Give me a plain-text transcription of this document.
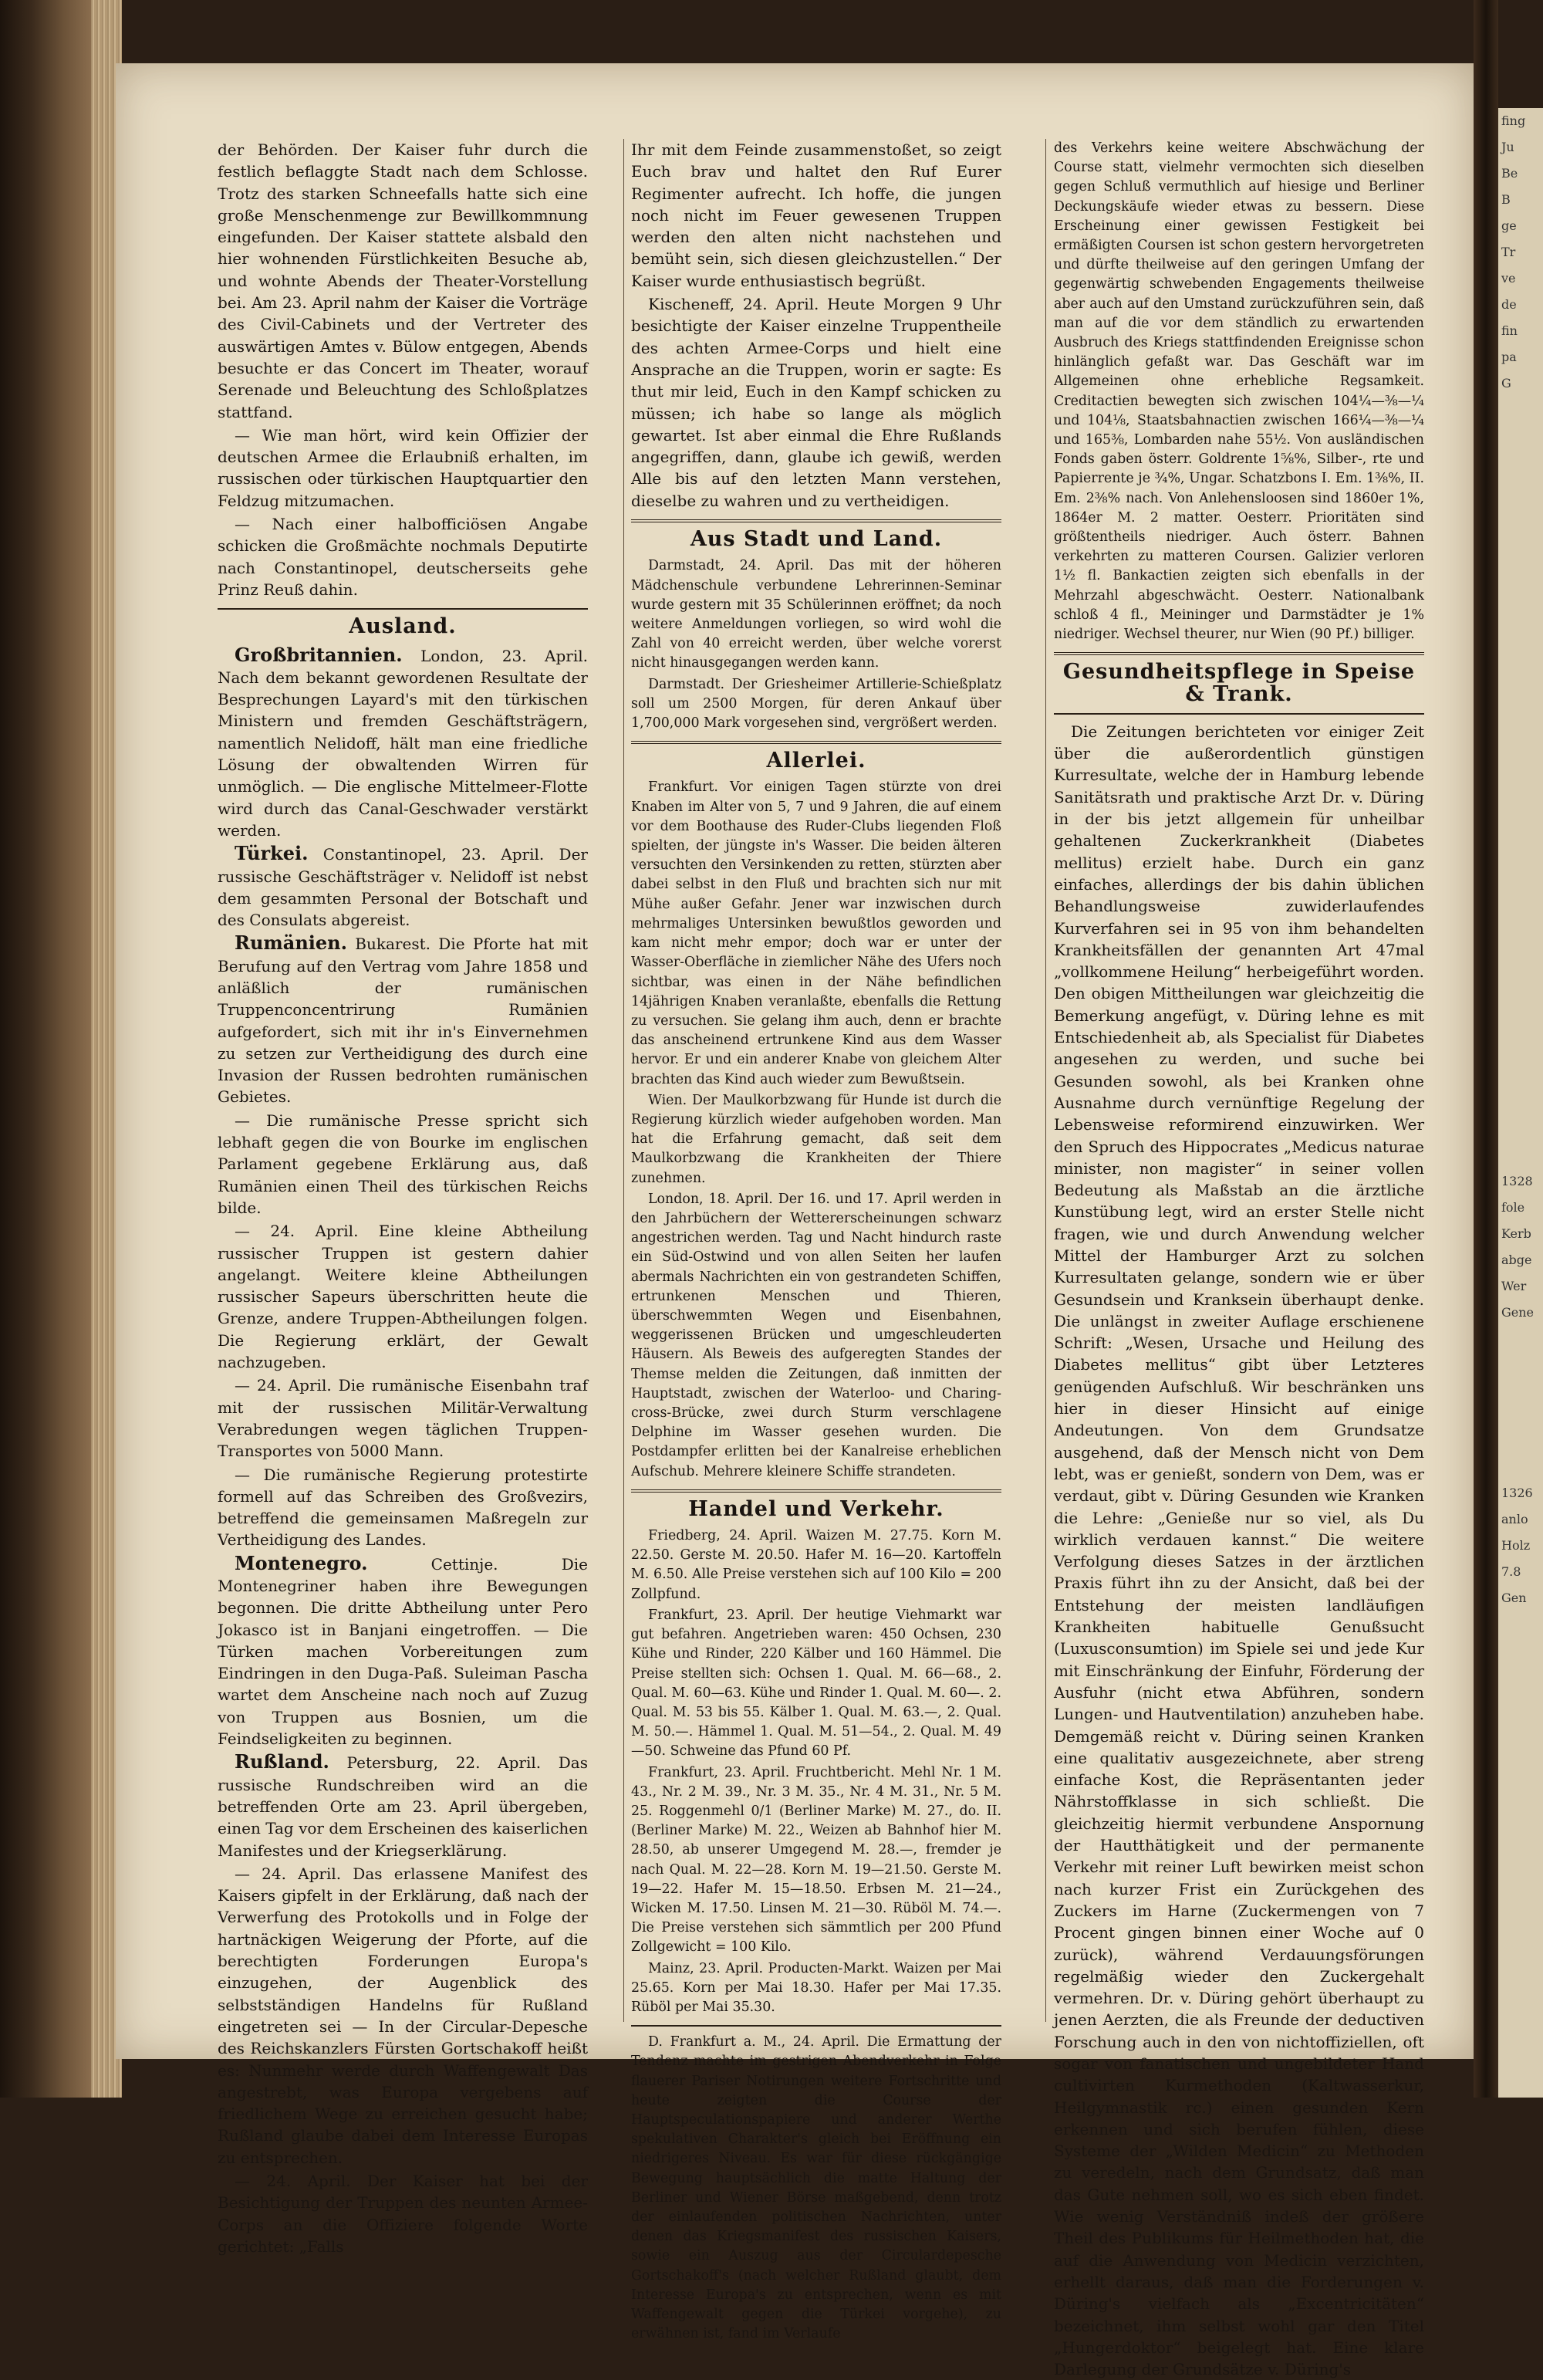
der Behörden. Der Kaiser fuhr durch die festlich beflaggte Stadt nach dem Schlosse. Trotz des starken Schneefalls hatte sich eine große Menschenmenge zur Bewillkommnung eingefunden. Der Kaiser stattete alsbald den hier wohnenden Fürstlichkeiten Besuche ab, und wohnte Abends der Theater-Vorstellung bei. Am 23. April nahm der Kaiser die Vorträge des Civil-Cabinets und der Vertreter des auswärtigen Amtes v. Bülow entgegen, Abends besuchte er das Concert im Theater, worauf Serenade und Beleuchtung des Schloßplatzes stattfand.

— Wie man hört, wird kein Offizier der deutschen Armee die Erlaubniß erhalten, im russischen oder türkischen Hauptquartier den Feldzug mitzumachen.

— Nach einer halbofficiösen Angabe schicken die Großmächte nochmals Deputirte nach Constantinopel, deutscherseits gehe Prinz Reuß dahin.

Ausland.

Großbritannien. London, 23. April. Nach dem bekannt gewordenen Resultate der Besprechungen Layard's mit den türkischen Ministern und fremden Geschäftsträgern, namentlich Nelidoff, hält man eine friedliche Lösung der obwaltenden Wirren für unmöglich. — Die englische Mittelmeer-Flotte wird durch das Canal-Geschwader verstärkt werden.

Türkei. Constantinopel, 23. April. Der russische Geschäftsträger v. Nelidoff ist nebst dem gesammten Personal der Botschaft und des Consulats abgereist.

Rumänien. Bukarest. Die Pforte hat mit Berufung auf den Vertrag vom Jahre 1858 und anläßlich der rumänischen Truppenconcentrirung Rumänien aufgefordert, sich mit ihr in's Einvernehmen zu setzen zur Vertheidigung des durch eine Invasion der Russen bedrohten rumänischen Gebietes.

— Die rumänische Presse spricht sich lebhaft gegen die von Bourke im englischen Parlament gegebene Erklärung aus, daß Rumänien einen Theil des türkischen Reichs bilde.

— 24. April. Eine kleine Abtheilung russischer Truppen ist gestern dahier angelangt. Weitere kleine Abtheilungen russischer Sapeurs überschritten heute die Grenze, andere Truppen-Abtheilungen folgen. Die Regierung erklärt, der Gewalt nachzugeben.

— 24. April. Die rumänische Eisenbahn traf mit der russischen Militär-Verwaltung Verabredungen wegen täglichen Truppen-Transportes von 5000 Mann.

— Die rumänische Regierung protestirte formell auf das Schreiben des Großvezirs, betreffend die gemeinsamen Maßregeln zur Vertheidigung des Landes.

Montenegro.	Cettinje. Die Montenegriner haben ihre Bewegungen begonnen. Die dritte Abtheilung unter Pero Jokasco ist in Banjani eingetroffen. — Die Türken machen Vorbereitungen zum Eindringen in den Duga-Paß. Suleiman Pascha wartet dem Anscheine nach noch auf Zuzug von Truppen aus Bosnien, um die Feindseligkeiten zu beginnen.

Rußland. Petersburg, 22. April. Das russische Rundschreiben wird an die betreffenden Orte am 23. April übergeben, einen Tag vor dem Erscheinen des kaiserlichen Manifestes und der Kriegserklärung.

— 24. April. Das erlassene Manifest des Kaisers gipfelt in der Erklärung, daß nach der Verwerfung des Protokolls und in Folge der hartnäckigen Weigerung der Pforte, auf die berechtigten Forderungen Europa's einzugehen, der Augenblick des selbstständigen Handelns für Rußland eingetreten sei — In der Circular-Depesche des Reichskanzlers Fürsten Gortschakoff heißt es: Nunmehr werde durch Waffengewalt Das angestrebt, was Europa vergebens auf friedlichem Wege zu erreichen gesucht habe; Rußland glaube dabei dem Interesse Europas zu entsprechen.

— 24. April. Der Kaiser hat bei der Besichtigung der Truppen des neunten Armee-Corps an die Offiziere folgende Worte gerichtet: „Falls

Ihr mit dem Feinde zusammenstoßet, so zeigt Euch brav und haltet den Ruf Eurer Regimenter aufrecht. Ich hoffe, die jungen noch nicht im Feuer gewesenen Truppen werden den alten nicht nachstehen und bemüht sein, sich diesen gleichzustellen.“ Der Kaiser wurde enthusiastisch begrüßt.

Kischeneff, 24. April. Heute Morgen 9 Uhr besichtigte der Kaiser einzelne Truppentheile des achten Armee-Corps und hielt eine Ansprache an die Truppen, worin er sagte: Es thut mir leid, Euch in den Kampf schicken zu müssen; ich habe so lange als möglich gewartet. Ist aber einmal die Ehre Rußlands angegriffen, dann, glaube ich gewiß, werden Alle bis auf den letzten Mann verstehen, dieselbe zu wahren und zu vertheidigen.

Aus Stadt und Land.

Darmstadt, 24. April. Das mit der höheren Mädchenschule verbundene Lehrerinnen-Seminar wurde gestern mit 35 Schülerinnen eröffnet; da noch weitere Anmeldungen vorliegen, so wird wohl die Zahl von 40 erreicht werden, über welche vorerst nicht hinausgegangen werden kann.

Darmstadt. Der Griesheimer Artillerie-Schießplatz soll um 2500 Morgen, für deren Ankauf über 1,700,000 Mark vorgesehen sind, vergrößert werden.

Allerlei.

Frankfurt. Vor einigen Tagen stürzte von drei Knaben im Alter von 5, 7 und 9 Jahren, die auf einem vor dem Boothause des Ruder-Clubs liegenden Floß spielten, der jüngste in's Wasser. Die beiden älteren versuchten den Versinkenden zu retten, stürzten aber dabei selbst in den Fluß und brachten sich nur mit Mühe außer Gefahr. Jener war inzwischen durch mehrmaliges Untersinken bewußtlos geworden und kam nicht mehr empor; doch war er unter der Wasser-Oberfläche in ziemlicher Nähe des Ufers noch sichtbar, was einen in der Nähe befindlichen 14jährigen Knaben veranlaßte, ebenfalls die Rettung zu versuchen. Sie gelang ihm auch, denn er brachte das anscheinend ertrunkene Kind aus dem Wasser hervor. Er und ein anderer Knabe von gleichem Alter brachten das Kind auch wieder zum Bewußtsein.

Wien. Der Maulkorbzwang für Hunde ist durch die Regierung kürzlich wieder aufgehoben worden. Man hat die Erfahrung gemacht, daß seit dem Maulkorbzwang die Krankheiten der Thiere zunehmen.

London, 18. April. Der 16. und 17. April werden in den Jahrbüchern der Wettererscheinungen schwarz angestrichen werden. Tag und Nacht hindurch raste ein Süd-Ostwind und von allen Seiten her laufen abermals Nachrichten ein von gestrandeten Schiffen, ertrunkenen Menschen und Thieren, überschwemmten Wegen und Eisenbahnen, weggerissenen Brücken und umgeschleuderten Häusern. Als Beweis des aufgeregten Standes der Themse melden die Zeitungen, daß inmitten der Hauptstadt, zwischen der Waterloo- und Charing-cross-Brücke, zwei durch Sturm verschlagene Delphine im Wasser gesehen wurden. Die Postdampfer erlitten bei der Kanalreise erheblichen Aufschub. Mehrere kleinere Schiffe strandeten.

Handel und Verkehr.

Friedberg, 24. April. Waizen M. 27.75. Korn M. 22.50. Gerste M. 20.50. Hafer M. 16—20. Kartoffeln M. 6.50. Alle Preise verstehen sich auf 100 Kilo = 200 Zollpfund.

Frankfurt, 23. April. Der heutige Viehmarkt war gut befahren. Angetrieben waren: 450 Ochsen, 230 Kühe und Rinder, 220 Kälber und 160 Hämmel. Die Preise stellten sich: Ochsen 1. Qual. M. 66—68., 2. Qual. M. 60—63. Kühe und Rinder 1. Qual. M. 60—. 2. Qual. M. 53 bis 55. Kälber 1. Qual. M. 63.—, 2. Qual. M. 50.—. Hämmel 1. Qual. M. 51—54., 2. Qual. M. 49—50. Schweine das Pfund 60 Pf.

Frankfurt, 23. April. Fruchtbericht. Mehl Nr. 1 M. 43., Nr. 2 M. 39., Nr. 3 M. 35., Nr. 4 M. 31., Nr. 5 M. 25. Roggenmehl 0/1 (Berliner Marke) M. 27., do. II. (Berliner Marke) M. 22., Weizen ab Bahnhof hier M. 28.50, ab unserer Umgegend M. 28.—, fremder je nach Qual. M. 22—28. Korn M. 19—21.50. Gerste M. 19—22. Hafer M. 15—18.50. Erbsen M. 21—24., Wicken M. 17.50. Linsen M. 21—30. Rüböl M. 74.—. Die Preise verstehen sich sämmtlich per 200 Pfund Zollgewicht = 100 Kilo.

Mainz, 23. April. Producten-Markt. Waizen per Mai 25.65. Korn per Mai 18.30. Hafer per Mai 17.35. Rüböl per Mai 35.30.

D. Frankfurt a. M., 24. April. Die Ermattung der Tendenz machte im gestrigen Abendverkehr in Folge flauerer Pariser Notirungen weitere Fortschritte und heute zeigten die Course der Hauptspeculationspapiere und anderer Werthe spekulativen Charakter's gleich bei Eröffnung ein niedrigeres Niveau. Es war für diese rückgängige Bewegung hauptsächlich die matte Haltung der Berliner und Wiener Börse maßgebend, denn trotz der einlaufenden politischen Nachrichten, unter denen das Kriegsmanifest des russischen Kaisers, sowie ein Auszug aus der Circulardepesche Gortschakoff's (nach welcher Rußland glaubt, dem Interesse Europa's zu entsprechen, wenn es mit Waffengewalt gegen die Türkei vorgehe), zu erwähnen ist, fand im Verlaufe

des Verkehrs keine weitere Abschwächung der Course statt, vielmehr vermochten sich dieselben gegen Schluß vermuthlich auf hiesige und Berliner Deckungskäufe wieder etwas zu bessern. Diese Erscheinung einer gewissen Festigkeit bei ermäßigten Coursen ist schon gestern hervorgetreten und dürfte theilweise auf den geringen Umfang der gegenwärtig schwebenden Engagements theilweise aber auch auf den Umstand zurückzuführen sein, daß man auf die vor dem ständlich zu erwartenden Ausbruch des Kriegs stattfindenden Ereignisse schon hinlänglich gefaßt war. Das Geschäft war im Allgemeinen ohne erhebliche Regsamkeit. Creditactien bewegten sich zwischen 104¼—⅜—¼ und 104⅛, Staatsbahnactien zwischen 166¼—⅜—¼ und 165⅜, Lombarden nahe 55½. Von ausländischen Fonds gaben österr. Goldrente 1⅝%, Silber-, rte und Papierrente je ¾%, Ungar. Schatzbons I. Em. 1⅜%, II. Em. 2⅜% nach. Von Anlehensloosen sind 1860er 1%, 1864er M. 2 matter. Oesterr. Prioritäten sind größtentheils niedriger. Auch österr. Bahnen verkehrten zu matteren Coursen. Galizier verloren 1½ fl. Bankactien zeigten sich ebenfalls in der Mehrzahl abgeschwächt. Oesterr. Nationalbank schloß 4 fl., Meininger und Darmstädter je 1% niedriger. Wechsel theurer, nur Wien (90 Pf.) billiger.

Gesundheitspflege in Speise & Trank.

Die Zeitungen berichteten vor einiger Zeit über die außerordentlich günstigen Kurresultate, welche der in Hamburg lebende Sanitätsrath und praktische Arzt Dr. v. Düring in der bis jetzt allgemein für unheilbar gehaltenen Zuckerkrankheit (Diabetes mellitus) erzielt habe. Durch ein ganz einfaches, allerdings der bis dahin üblichen Behandlungsweise zuwiderlaufendes Kurverfahren sei in 95 von ihm behandelten Krankheitsfällen der genannten Art 47mal „vollkommene Heilung“ herbeigeführt worden. Den obigen Mittheilungen war gleichzeitig die Bemerkung angefügt, v. Düring lehne es mit Entschiedenheit ab, als Specialist für Diabetes angesehen zu werden, und suche bei Gesunden sowohl, als bei Kranken ohne Ausnahme durch vernünftige Regelung der Lebensweise reformirend einzuwirken. Wer den Spruch des Hippocrates „Medicus naturae minister, non magister“ in seiner vollen Bedeutung als Maßstab an die ärztliche Kunstübung legt, wird an erster Stelle nicht fragen, wie und durch Anwendung welcher Mittel der Hamburger Arzt zu solchen Kurresultaten gelange, sondern wie er über Gesundsein und Kranksein überhaupt denke. Die unlängst in zweiter Auflage erschienene Schrift: „Wesen, Ursache und Heilung des Diabetes mellitus“ gibt über Letzteres genügenden Aufschluß. Wir beschränken uns hier in dieser Hinsicht auf einige Andeutungen. Von dem Grundsatze ausgehend, daß der Mensch nicht von Dem lebt, was er genießt, sondern von Dem, was er verdaut, gibt v. Düring Gesunden wie Kranken die Lehre: „Genieße nur so viel, als Du wirklich verdauen kannst.“ Die weitere Verfolgung dieses Satzes in der ärztlichen Praxis führt ihn zu der Ansicht, daß bei der Entstehung der meisten landläufigen Krankheiten habituelle Genußsucht (Luxusconsumtion) im Spiele sei und jede Kur mit Einschränkung der Einfuhr, Förderung der Ausfuhr (nicht etwa Abführen, sondern Lungen- und Hautventilation) anzuheben habe. Demgemäß reicht v. Düring seinen Kranken eine qualitativ ausgezeichnete, aber streng einfache Kost, die Repräsentanten jeder Nährstoffklasse in sich schließt. Die gleichzeitig hiermit verbundene Anspornung der Hautthätigkeit und der permanente Verkehr mit reiner Luft bewirken meist schon nach kurzer Frist ein Zurückgehen des Zuckers im Harne (Zuckermengen von 7 Procent gingen binnen einer Woche auf 0 zurück), während Verdauungsförungen regelmäßig wieder den Zuckergehalt vermehren. Dr. v. Düring gehört überhaupt zu jenen Aerzten, die als Freunde der deductiven Forschung auch in den von nichtoffiziellen, oft sogar von fanatischen und ungebildeter Hand cultivirten Kurmethoden (Kaltwasserkur, Heilgymnastik rc.) einen gesunden Kern erkennen und sich berufen fühlen, diese Systeme der „Wilden Medicin“ zu Methoden zu veredeln, nach dem Grundsatz, daß man das Gute nehmen soll, wo es sich eben findet. Wie wenig Verständniß indeß der größere Theil des Publikums für Heilmethoden hat, die auf die Anwendung von Medicin verzichten, erhellt daraus, daß man die Forderungen v. Düring's vielfach als „Excentricitäten“ bezeichnet, ihm selbst wohl gar den Titel „Hungerdoktor“ beigelegt hat. Eine klare Darlegung der Grundsätze v. Düring's

fing
Ju
Be
B
ge
Tr
ve
de
fin
pa
G
1328
fole
Kerb
abge
Wer
Gene
1326
anlo
Holz
7.8
Gen
